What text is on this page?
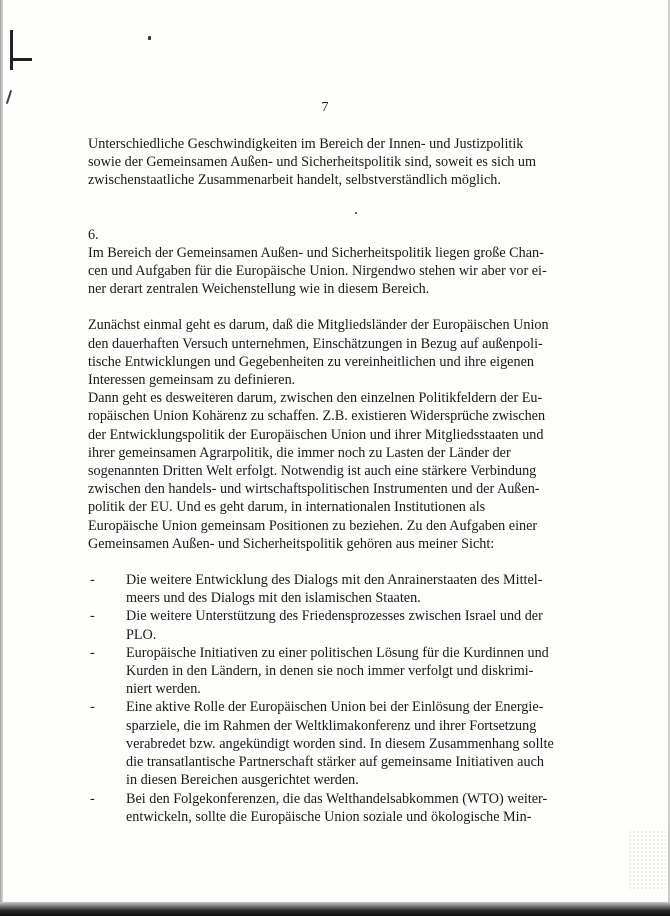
7
Unterschiedliche Geschwindigkeiten im Bereich der Innen- und Justizpolitik
sowie der Gemeinsamen Außen- und Sicherheitspolitik sind, soweit es sich um
zwischenstaatliche Zusammenarbeit handelt, selbstverständlich möglich.
6.
Im Bereich der Gemeinsamen Außen- und Sicherheitspolitik liegen große Chan-
cen und Aufgaben für die Europäische Union. Nirgendwo stehen wir aber vor ei-
ner derart zentralen Weichenstellung wie in diesem Bereich.
Zunächst einmal geht es darum, daß die Mitgliedsländer der Europäischen Union
den dauerhaften Versuch unternehmen, Einschätzungen in Bezug auf außenpoli-
tische Entwicklungen und Gegebenheiten zu vereinheitlichen und ihre eigenen
Interessen gemeinsam zu definieren.
Dann geht es desweiteren darum, zwischen den einzelnen Politikfeldern der Eu-
ropäischen Union Kohärenz zu schaffen. Z.B. existieren Widersprüche zwischen
der Entwicklungspolitik der Europäischen Union und ihrer Mitgliedsstaaten und
ihrer gemeinsamen Agrarpolitik, die immer noch zu Lasten der Länder der
sogenannten Dritten Welt erfolgt. Notwendig ist auch eine stärkere Verbindung
zwischen den handels- und wirtschaftspolitischen Instrumenten und der Außen-
politik der EU. Und es geht darum, in internationalen Institutionen als
Europäische Union gemeinsam Positionen zu beziehen. Zu den Aufgaben einer
Gemeinsamen Außen- und Sicherheitspolitik gehören aus meiner Sicht:
- Die weitere Entwicklung des Dialogs mit den Anrainerstaaten des Mittel-
meers und des Dialogs mit den islamischen Staaten.
- Die weitere Unterstützung des Friedensprozesses zwischen Israel und der
PLO.
- Europäische Initiativen zu einer politischen Lösung für die Kurdinnen und
Kurden in den Ländern, in denen sie noch immer verfolgt und diskrimi-
niert werden.
- Eine aktive Rolle der Europäischen Union bei der Einlösung der Energie-
sparziele, die im Rahmen der Weltklimakonferenz und ihrer Fortsetzung
verabredet bzw. angekündigt worden sind. In diesem Zusammenhang sollte
die transatlantische Partnerschaft stärker auf gemeinsame Initiativen auch
in diesen Bereichen ausgerichtet werden.
- Bei den Folgekonferenzen, die das Welthandelsabkommen (WTO) weiter-
entwickeln, sollte die Europäische Union soziale und ökologische Min-
